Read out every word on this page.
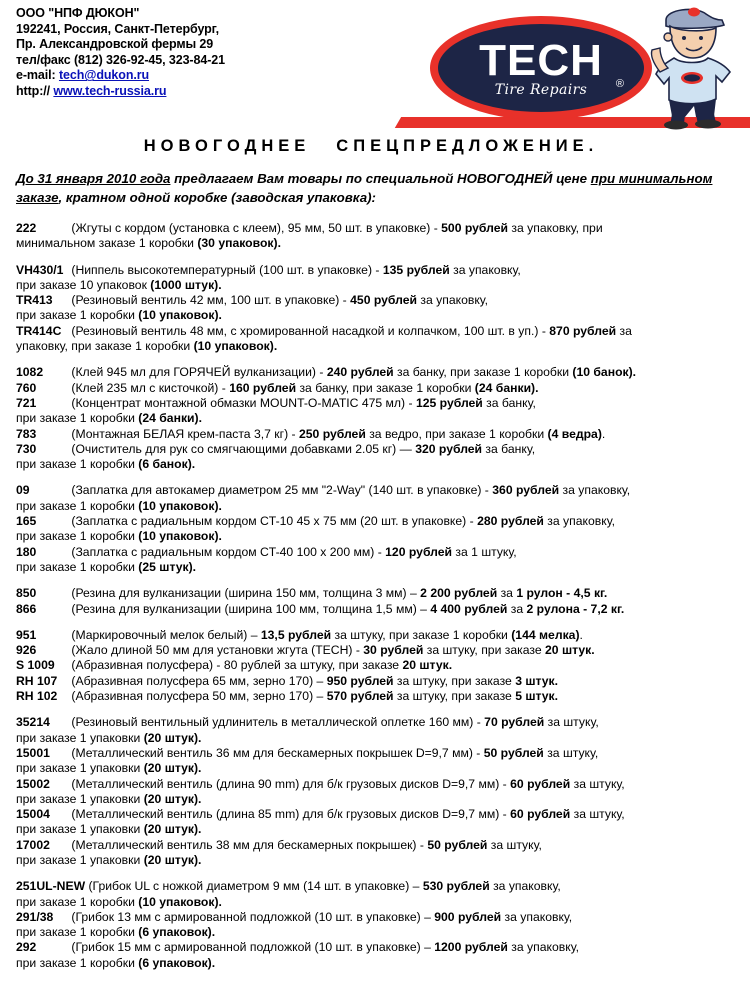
ООО "НПФ ДЮКОН"
192241, Россия, Санкт-Петербург,
Пр. Александровской фермы 29
тел/факс (812) 326-92-45, 323-84-21
e-mail: tech@dukon.ru
http:// www.tech-russia.ru
TECH
Tire Repairs	®
НОВОГОДНЕЕ СПЕЦПРЕДЛОЖЕНИЕ.
До 31 января 2010 года предлагаем Вам товары по специальной НОВОГОДНЕЙ цене при минимальном заказе, кратном одной коробке (заводская упаковка):
222	(Жгуты с кордом (установка с клеем), 95 мм, 50 шт. в упаковке) - 500 рублей за упаковку, при
минимальном заказе 1 коробки (30 упаковок).
VH430/1 (Ниппель высокотемпературный (100 шт. в упаковке) - 135 рублей за упаковку,
при заказе 10 упаковок (1000 штук).
TR413 (Резиновый вентиль 42 мм, 100 шт. в упаковке) - 450 рублей за упаковку,
при заказе 1 коробки (10 упаковок).
TR414C (Резиновый вентиль 48 мм, с хромированной насадкой и колпачком, 100 шт. в уп.) - 870 рублей за
упаковку, при заказе 1 коробки (10 упаковок).
1082 (Клей 945 мл для ГОРЯЧЕЙ вулканизации) - 240 рублей за банку, при заказе 1 коробки (10 банок).
760	(Клей 235 мл с кисточкой) - 160 рублей за банку, при заказе 1 коробки (24 банки).
721	(Концентрат монтажной обмазки MOUNT-O-MATIC 475 мл) - 125 рублей за банку,
при заказе 1 коробки (24 банки).
783	(Монтажная БЕЛАЯ крем-паста 3,7 кг) - 250 рублей за ведро, при заказе 1 коробки (4 ведра).
730	(Очиститель для рук со смягчающими добавками 2.05 кг) — 320 рублей за банку,
при заказе 1 коробки (6 банок).
09	(Заплатка для автокамер диаметром 25 мм "2-Way" (140 шт. в упаковке) - 360 рублей за упаковку,
при заказе 1 коробки (10 упаковок).
165	(Заплатка с радиальным кордом CT-10 45 x 75 мм (20 шт. в упаковке) - 280 рублей за упаковку,
при заказе 1 коробки (10 упаковок).
180	(Заплатка с радиальным кордом CT-40 100 x 200 мм) - 120 рублей за 1 штуку,
при заказе 1 коробки (25 штук).
850	(Резина для вулканизации (ширина 150 мм, толщина 3 мм) – 2 200 рублей за 1 рулон - 4,5 кг.
866	(Резина для вулканизации (ширина 100 мм, толщина 1,5 мм) – 4 400 рублей за 2 рулона - 7,2 кг.
951	(Маркировочный мелок белый) – 13,5 рублей за штуку, при заказе 1 коробки (144 мелка).
926	(Жало длиной 50 мм для установки жгута (TECH) - 30 рублей за штуку, при заказе 20 штук.
S 1009 (Абразивная полусфера) - 80 рублей за штуку, при заказе 20 штук.
RH 107 (Абразивная полусфера 65 мм, зерно 170) – 950 рублей за штуку, при заказе 3 штук.
RH 102 (Абразивная полусфера 50 мм, зерно 170) – 570 рублей за штуку, при заказе 5 штук.
35214 (Резиновый вентильный удлинитель в металлической оплетке 160 мм) - 70 рублей за штуку,
при заказе 1 упаковки (20 штук).
15001 (Металлический вентиль 36 мм для бескамерных покрышек D=9,7 мм) - 50 рублей за штуку,
при заказе 1 упаковки (20 штук).
15002 (Металлический вентиль (длина 90 mm) для б/к грузовых дисков D=9,7 мм) - 60 рублей за штуку,
при заказе 1 упаковки (20 штук).
15004 (Металлический вентиль (длина 85 mm) для б/к грузовых дисков D=9,7 мм) - 60 рублей за штуку,
при заказе 1 упаковки (20 штук).
17002 (Металлический вентиль 38 мм для бескамерных покрышек) - 50 рублей за штуку,
при заказе 1 упаковки (20 штук).
251UL-NEW (Грибок UL с ножкой диаметром 9 мм (14 шт. в упаковке) – 530 рублей за упаковку,
при заказе 1 коробки (10 упаковок).
291/38 (Грибок 13 мм с армированной подложкой (10 шт. в упаковке) – 900 рублей за упаковку,
при заказе 1 коробки (6 упаковок).
292	(Грибок 15 мм с армированной подложкой (10 шт. в упаковке) – 1200 рублей за упаковку,
при заказе 1 коробки (6 упаковок).
